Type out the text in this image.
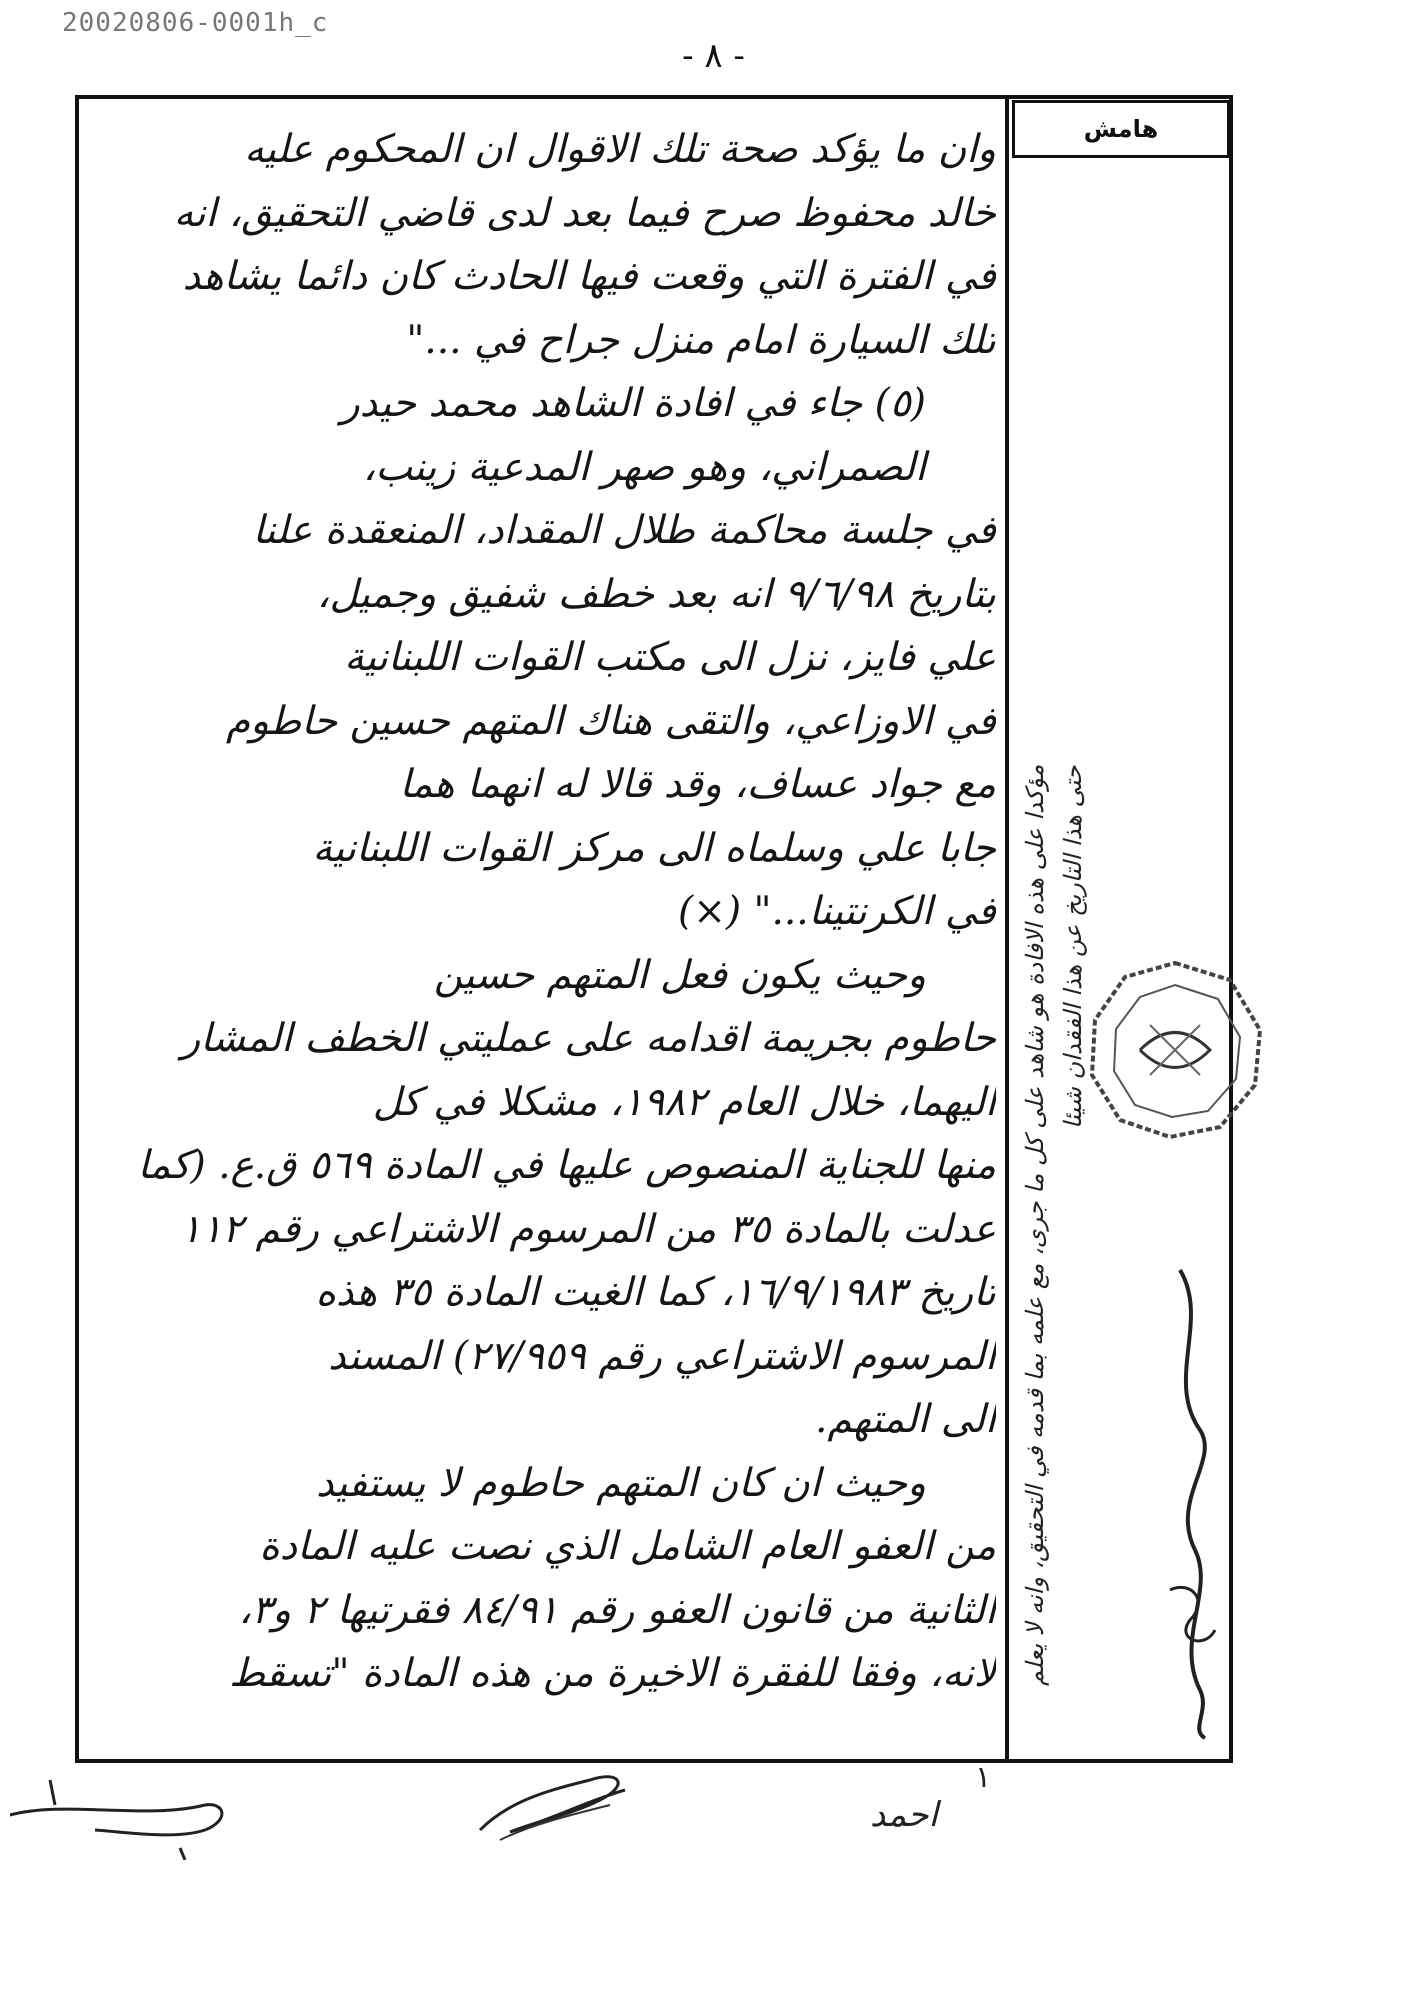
20020806-0001h_c
- ٨ -
هامش
وان ما يؤكد صحة تلك الاقوال ان المحكوم عليه
خالد محفوظ صرح فيما بعد لدى قاضي التحقيق، انه
في الفترة التي وقعت فيها الحادث كان دائما يشاهد
تلك السيارة امام منزل جراح في ..."
(٥) جاء في افادة الشاهد محمد حيدر
الصمراني، وهو صهر المدعية زينب،
في جلسة محاكمة طلال المقداد، المنعقدة علنا
بتاريخ ٩/٦/٩٨ انه بعد خطف شفيق وجميل،
علي فايز، نزل الى مكتب القوات اللبنانية
في الاوزاعي، والتقى هناك المتهم حسين حاطوم
مع جواد عساف، وقد قالا له انهما هما
جابا علي وسلماه الى مركز القوات اللبنانية
في الكرنتينا..." (×)
وحيث يكون فعل المتهم حسين
حاطوم بجريمة اقدامه على عمليتي الخطف المشار
اليهما، خلال العام ١٩٨٢، مشكلا في كل
منها للجناية المنصوص عليها في المادة ٥٦٩ ق.ع. (كما
عدلت بالمادة ٣٥ من المرسوم الاشتراعي رقم ١١٢
تاريخ ١٦/٩/١٩٨٣، كما الغيت المادة ٣٥ هذه
المرسوم الاشتراعي رقم ٢٧/٩٥٩) المسند
الى المتهم.
وحيث ان كان المتهم حاطوم لا يستفيد
من العفو العام الشامل الذي نصت عليه المادة
الثانية من قانون العفو رقم ٨٤/٩١ فقرتيها ٢ و٣،
لانه، وفقا للفقرة الاخيرة من هذه المادة "تسقط مؤكدا على هذه الافادة هو شاهد على كل ما جرى، مع علمه بما قدمه في التحقيق، وانه لا يعلم حتى هذا التاريخ عن هذا الفقدان شيئا
احمد
١
